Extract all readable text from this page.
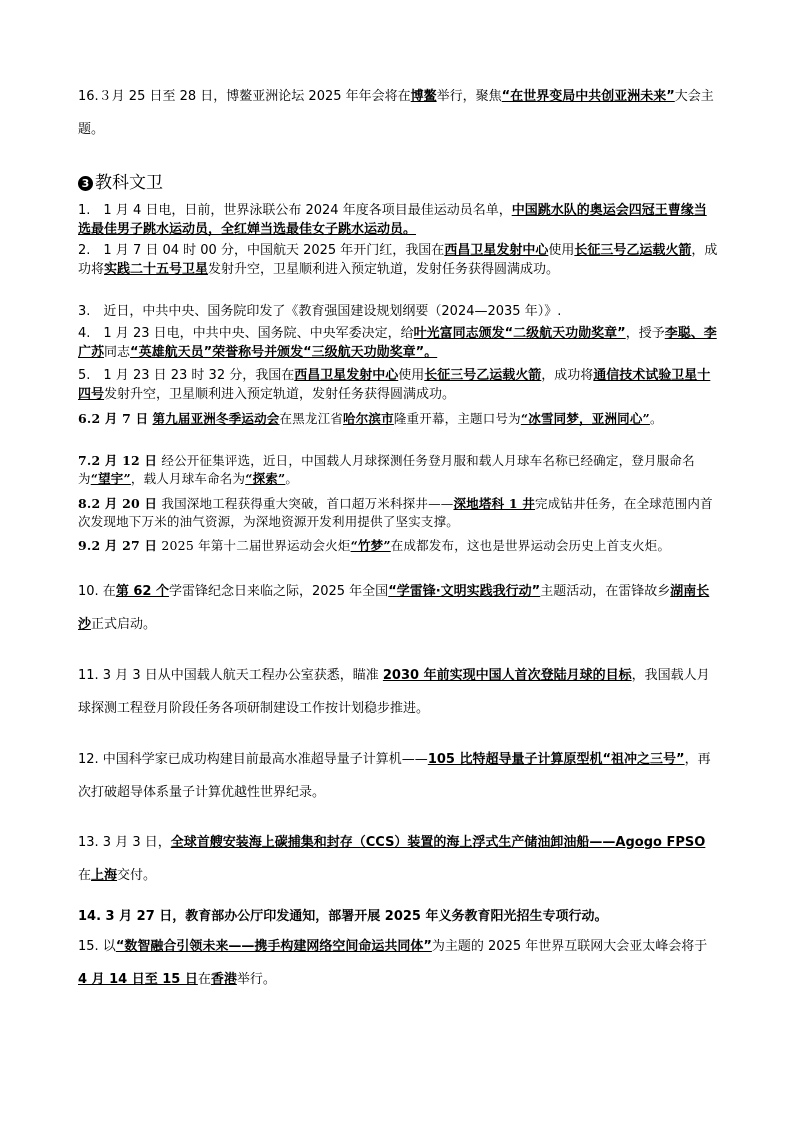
16.３月 25 日至 28 日，博鳌亚洲论坛 2025 年年会将在博鳌举行，聚焦“在世界变局中共创亚洲未来”大会主题。

3 教科文卫

1.　1 月 4 日电，日前，世界泳联公布 2024 年度各项目最佳运动员名单，中国跳水队的奥运会四冠王曹缘当选最佳男子跳水运动员，全红婵当选最佳女子跳水运动员。

2.　1 月 7 日 04 时 00 分，中国航天 2025 年开门红，我国在西昌卫星发射中心使用长征三号乙运载火箭，成功将实践二十五号卫星发射升空，卫星顺利进入预定轨道，发射任务获得圆满成功。

3.　近日，中共中央、国务院印发了《教育强国建设规划纲要（2024—2035 年）》.

4.　1 月 23 日电，中共中央、国务院、中央军委决定，给叶光富同志颁发“二级航天功勋奖章”，授予李聪、李广苏同志“英雄航天员”荣誉称号并颁发“三级航天功勋奖章”。

5.　1 月 23 日 23 时 32 分，我国在西昌卫星发射中心使用长征三号乙运载火箭，成功将通信技术试验卫星十四号发射升空，卫星顺利进入预定轨道，发射任务获得圆满成功。

6.2 月 7 日 第九届亚洲冬季运动会在黑龙江省哈尔滨市隆重开幕，主题口号为“冰雪同梦，亚洲同心”。

7.2 月 12 日 经公开征集评选，近日，中国载人月球探测任务登月服和载人月球车名称已经确定，登月服命名为“望宇”，载人月球车命名为“探索”。

8.2 月 20 日 我国深地工程获得重大突破，首口超万米科探井——深地塔科 1 井完成钻井任务，在全球范围内首次发现地下万米的油气资源，为深地资源开发利用提供了坚实支撑。

9.2 月 27 日 2025 年第十二届世界运动会火炬“竹梦”在成都发布，这也是世界运动会历史上首支火炬。

10. 在第 62 个学雷锋纪念日来临之际，2025 年全国“学雷锋·文明实践我行动”主题活动，在雷锋故乡湖南长沙正式启动。

11. 3 月 3 日从中国载人航天工程办公室获悉，瞄准 2030 年前实现中国人首次登陆月球的目标，我国载人月球探测工程登月阶段任务各项研制建设工作按计划稳步推进。

12. 中国科学家已成功构建目前最高水准超导量子计算机——105 比特超导量子计算原型机“祖冲之三号”，再次打破超导体系量子计算优越性世界纪录。

13. 3 月 3 日，全球首艘安装海上碳捕集和封存（CCS）装置的海上浮式生产储油卸油船——Agogo FPSO 在上海交付。

14. 3 月 27 日，教育部办公厅印发通知，部署开展 2025 年义务教育阳光招生专项行动。

15. 以“数智融合引领未来——携手构建网络空间命运共同体”为主题的 2025 年世界互联网大会亚太峰会将于 4 月 14 日至 15 日在香港举行。
